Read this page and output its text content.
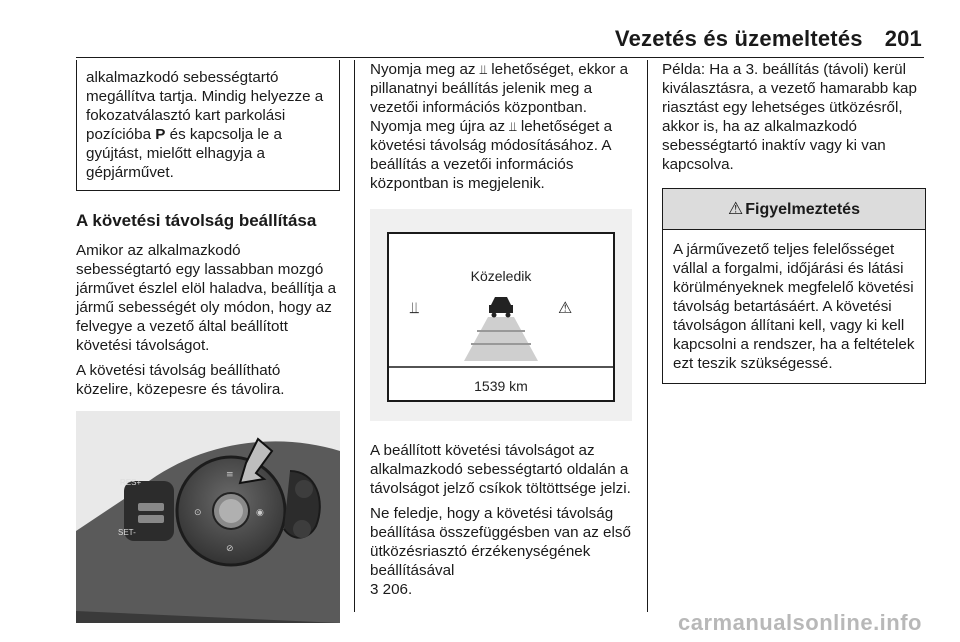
Vezetés és üzemeltetés 201
alkalmazkodó sebességtartó megállítva tartja. Mindig helyezze a fokozatválasztó kart parkolási pozícióba P és kapcsolja le a gyújtást, mielőtt elhagyja a gépjárművet.
A követési távolság beállítása

Amikor az alkalmazkodó sebességtartó egy lassabban mozgó járművet észlel elöl haladva, beállítja a jármű sebességét oly módon, hogy az felvegye a vezető által beállított követési távolságot.

A követési távolság beállítható közelire, közepesre és távolira.

RES+
SET-
≡
⊙	◉
⊘

Nyomja meg az ⫫ lehetőséget, ekkor a pillanatnyi beállítás jelenik meg a vezetői információs központban. Nyomja meg újra az ⫫ lehetőséget a követési távolság módosításához. A beállítás a vezetői információs központban is megjelenik.

Közeledik
⫫	⚠
1539 km

A beállított követési távolságot az alkalmazkodó sebességtartó oldalán a távolságot jelző csíkok töltöttsége jelzi.

Ne feledje, hogy a követési távolság beállítása összefüggésben van az első ütközésriasztó érzékenységének beállításával
3 206.

Példa: Ha a 3. beállítás (távoli) kerül kiválasztásra, a vezető hamarabb kap riasztást egy lehetséges ütközésről, akkor is, ha az alkalmazkodó sebességtartó inaktív vagy ki van kapcsolva.

⚠ Figyelmeztetés
A járművezető teljes felelősséget vállal a forgalmi, időjárási és látási körülményeknek megfelelő követési távolság betartásáért. A követési távolságon állítani kell, vagy ki kell kapcsolni a rendszer, ha a feltételek ezt teszik szükségessé.
carmanualsonline.info
